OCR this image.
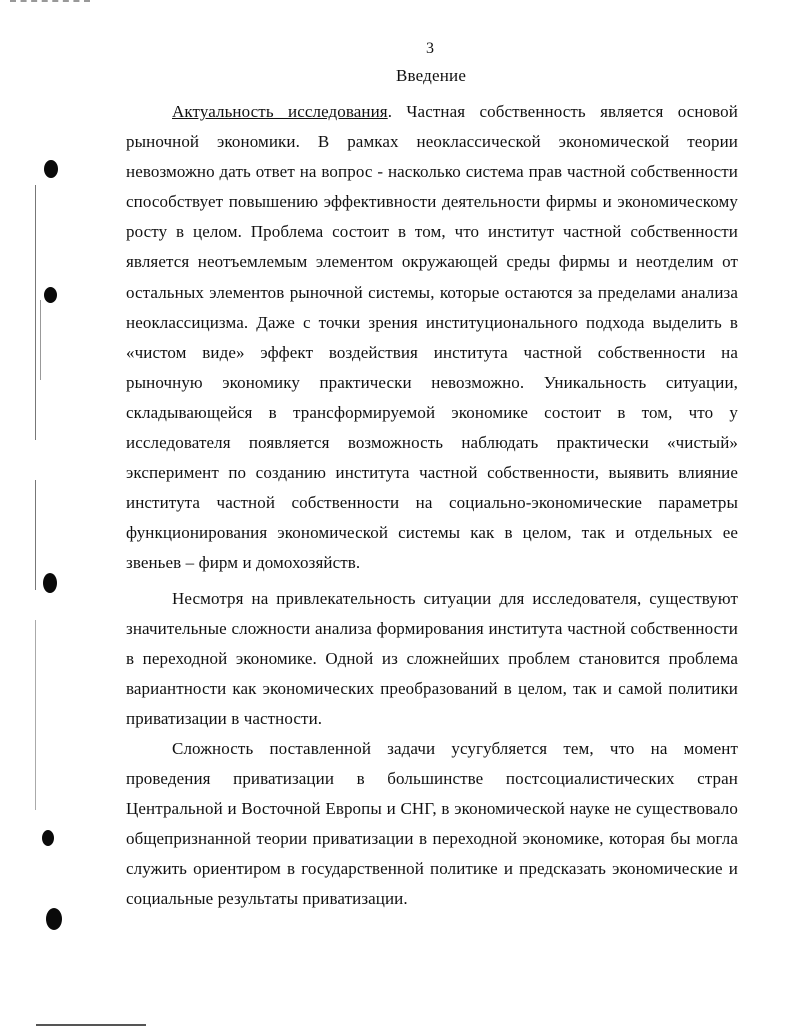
3
Введение

Актуальность исследования. Частная собственность является основой рыночной экономики. В рамках неоклассической экономической теории невозможно дать ответ на вопрос - насколько система прав частной собственности способствует повышению эффективности деятельности фирмы и экономическому росту в целом. Проблема состоит в том, что институт частной собственности является неотъемлемым элементом окружающей среды фирмы и неотделим от остальных элементов рыночной системы, которые остаются за пределами анализа неоклассицизма. Даже с точки зрения институционального подхода выделить в «чистом виде» эффект воздействия института частной собственности на рыночную экономику практически невозможно. Уникальность ситуации, складывающейся в трансформируемой экономике состоит в том, что у исследователя появляется возможность наблюдать практически «чистый» эксперимент по созданию института частной собственности, выявить влияние института частной собственности на социально-экономические параметры функционирования экономической системы как в целом, так и отдельных ее звеньев – фирм и домохозяйств.

Несмотря на привлекательность ситуации для исследователя, существуют значительные сложности анализа формирования института частной собственности в переходной экономике. Одной из сложнейших проблем становится проблема вариантности как экономических преобразований в целом, так и самой политики приватизации в частности.

Сложность поставленной задачи усугубляется тем, что на момент проведения приватизации в большинстве постсоциалистических стран Центральной и Восточной Европы и СНГ, в экономической науке не существовало общепризнанной теории приватизации в переходной экономике, которая бы могла служить ориентиром в государственной политике и предсказать экономические и социальные результаты приватизации.
